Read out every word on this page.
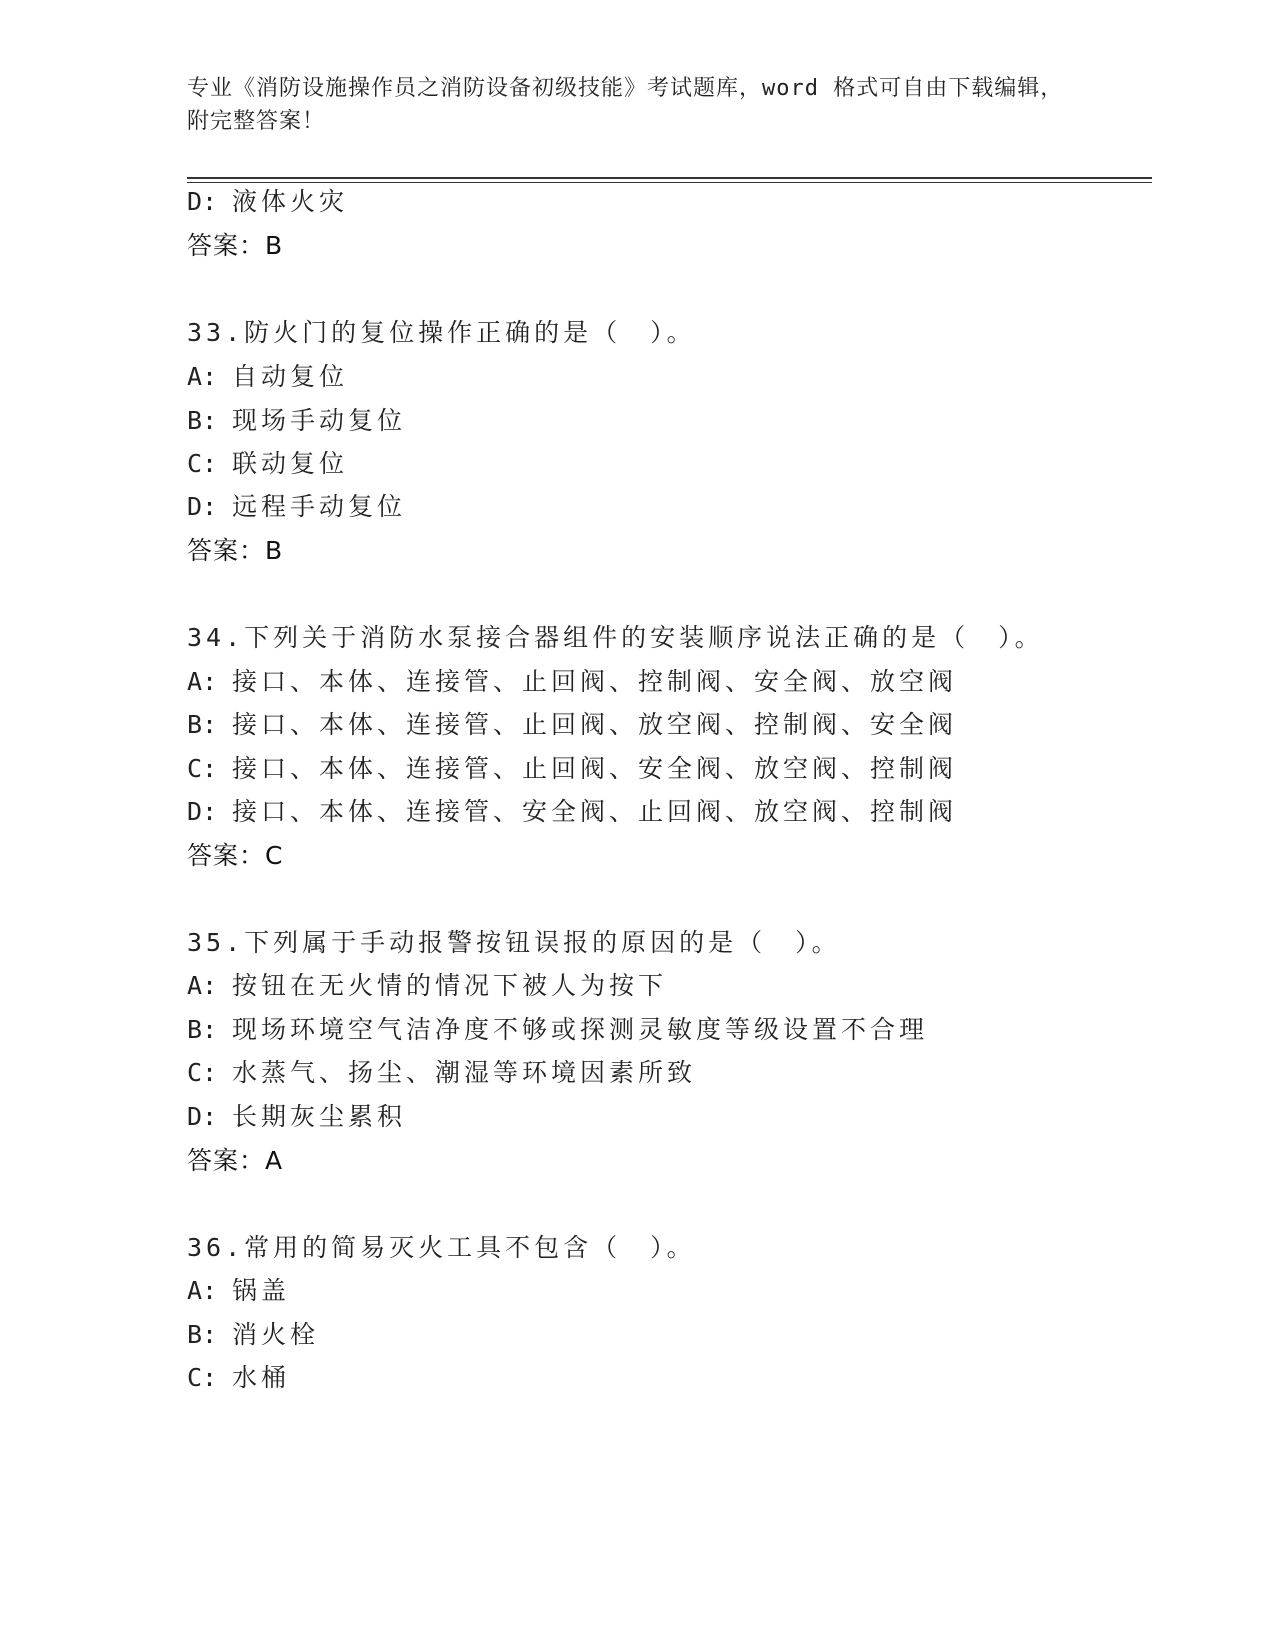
专业《消防设施操作员之消防设备初级技能》考试题库，word 格式可自由下载编辑，附完整答案！
D: 液体火灾
答案：B
33.防火门的复位操作正确的是（　）。
A: 自动复位
B: 现场手动复位
C: 联动复位
D: 远程手动复位
答案：B
34.下列关于消防水泵接合器组件的安装顺序说法正确的是（　）。
A: 接口、本体、连接管、止回阀、控制阀、安全阀、放空阀
B: 接口、本体、连接管、止回阀、放空阀、控制阀、安全阀
C: 接口、本体、连接管、止回阀、安全阀、放空阀、控制阀
D: 接口、本体、连接管、安全阀、止回阀、放空阀、控制阀
答案：C
35.下列属于手动报警按钮误报的原因的是（　）。
A: 按钮在无火情的情况下被人为按下
B: 现场环境空气洁净度不够或探测灵敏度等级设置不合理
C: 水蒸气、扬尘、潮湿等环境因素所致
D: 长期灰尘累积
答案：A
36.常用的简易灭火工具不包含（　）。
A: 锅盖
B: 消火栓
C: 水桶
